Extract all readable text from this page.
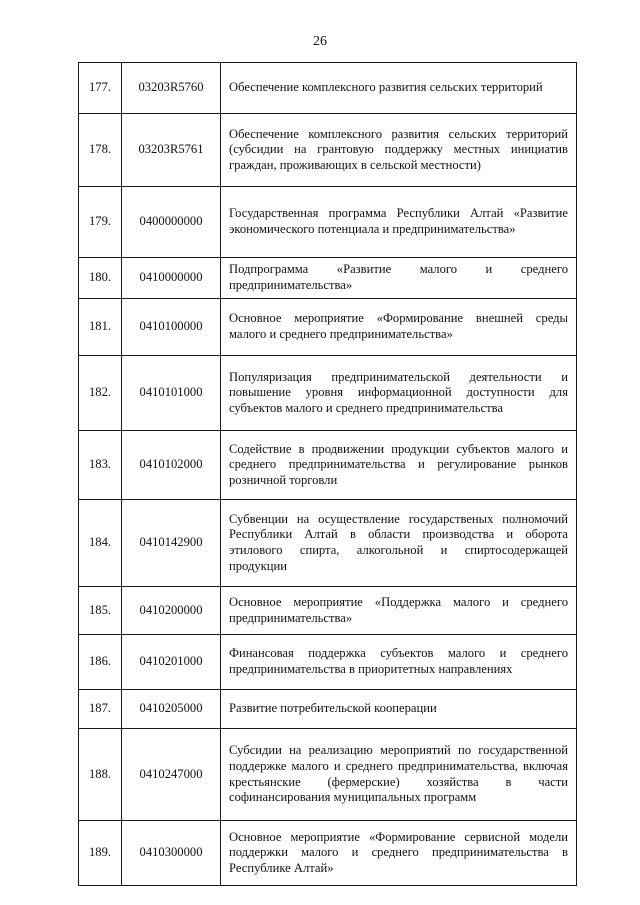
26
177.	03203R5760	Обеспечение комплексного развития сельских территорий
178.	03203R5761	Обеспечение комплексного развития сельских территорий (субсидии на грантовую поддержку местных инициатив граждан, проживающих в сельской местности)
179.	0400000000	Государственная программа Республики Алтай «Развитие экономического потенциала и предпринимательства»
180.	0410000000	Подпрограмма «Развитие малого и среднего предпринимательства»
181.	0410100000	Основное мероприятие «Формирование внешней среды малого и среднего предпринимательства»
182.	0410101000	Популяризация предпринимательской деятельности и повышение уровня информационной доступности для субъектов малого и среднего предпринимательства
183.	0410102000	Содействие в продвижении продукции субъектов малого и среднего предпринимательства и регулирование рынков розничной торговли
184.	0410142900	Субвенции на осуществление государственых полномочий Республики Алтай в области производства и оборота этилового спирта, алкогольной и спиртосодержащей продукции
185.	0410200000	Основное мероприятие «Поддержка малого и среднего предпринимательства»
186.	0410201000	Финансовая поддержка субъектов малого и среднего предпринимательства в приоритетных направлениях
187.	0410205000	Развитие потребительской кооперации
188.	0410247000	Субсидии на реализацию мероприятий по государственной поддержке малого и среднего предпринимательства, включая крестьянские (фермерские) хозяйства в части софинансирования муниципальных программ
189.	0410300000	Основное мероприятие «Формирование сервисной модели поддержки малого и среднего предпринимательства в Республике Алтай»
